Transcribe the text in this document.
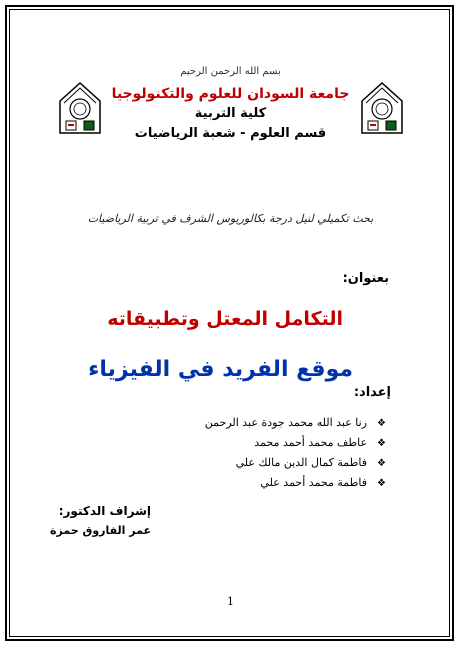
بسم الله الرحمن الرحيم
جامعة السودان للعلوم والتكنولوجيا
كلية التربية
قسم العلوم - شعبة الرياضيات
بحث تكميلي لنيل درجة بكالوريوس الشرف في تربية الرياضيات
بعنوان:
التكامل المعتل وتطبيقاته
موقع الفريد في الفيزياء
إعداد:
❖رنا عبد الله محمد جودة عبد الرحمن
❖عاطف محمد أحمد محمد
❖فاطمة كمال الدين مالك علي
❖فاطمة محمد أحمد علي
إشراف الدكتور:
عمر الفاروق حمزة
1
